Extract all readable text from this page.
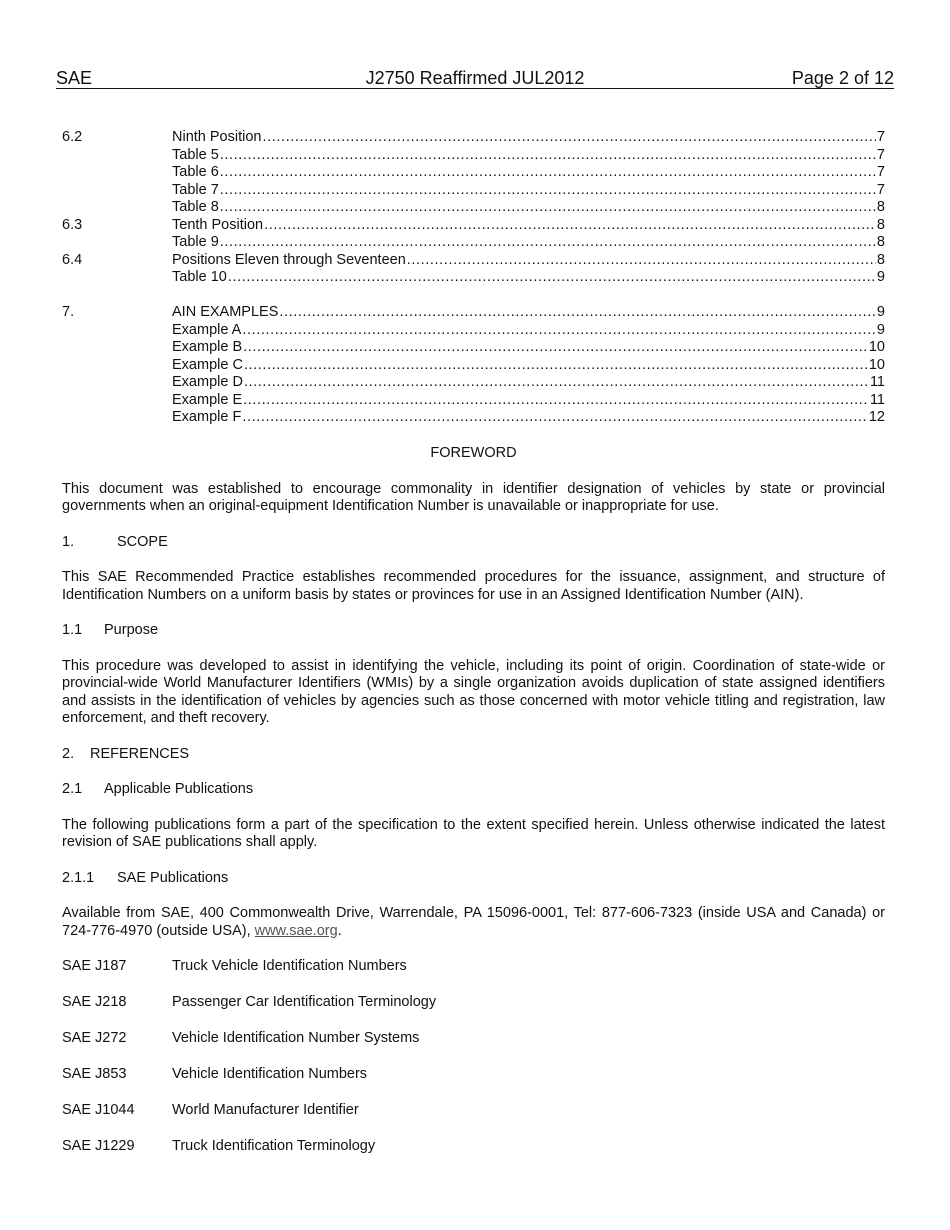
SAE	J2750 Reaffirmed JUL2012	Page 2 of 12
6.2	Ninth Position .....	7
Table 5 .....	7
Table 6 .....	7
Table 7 .....	7
Table 8 .....	8
6.3	Tenth Position .....	8
Table 9 .....	8
6.4	Positions Eleven through Seventeen .....	8
Table 10 .....	9
7.	AIN EXAMPLES .....	9
Example A .....	9
Example B .....	10
Example C .....	10
Example D .....	11
Example E .....	11
Example F .....	12
FOREWORD

This document was established to encourage commonality in identifier designation of vehicles by state or provincial governments when an original-equipment Identification Number is unavailable or inappropriate for use.

1.	SCOPE

This SAE Recommended Practice establishes recommended procedures for the issuance, assignment, and structure of Identification Numbers on a uniform basis by states or provinces for use in an Assigned Identification Number (AIN).

1.1 Purpose

This procedure was developed to assist in identifying the vehicle, including its point of origin. Coordination of state-wide or provincial-wide World Manufacturer Identifiers (WMIs) by a single organization avoids duplication of state assigned identifiers and assists in the identification of vehicles by agencies such as those concerned with motor vehicle titling and registration, law enforcement, and theft recovery.

2. REFERENCES
2.1 Applicable Publications

The following publications form a part of the specification to the extent specified herein. Unless otherwise indicated the latest revision of SAE publications shall apply.

2.1.1 SAE Publications

Available from SAE, 400 Commonwealth Drive, Warrendale, PA 15096-0001, Tel: 877-606-7323 (inside USA and Canada) or 724-776-4970 (outside USA), www.sae.org.

SAE J187	Truck Vehicle Identification Numbers
SAE J218	Passenger Car Identification Terminology
SAE J272	Vehicle Identification Number Systems
SAE J853	Vehicle Identification Numbers
SAE J1044	World Manufacturer Identifier
SAE J1229	Truck Identification Terminology
